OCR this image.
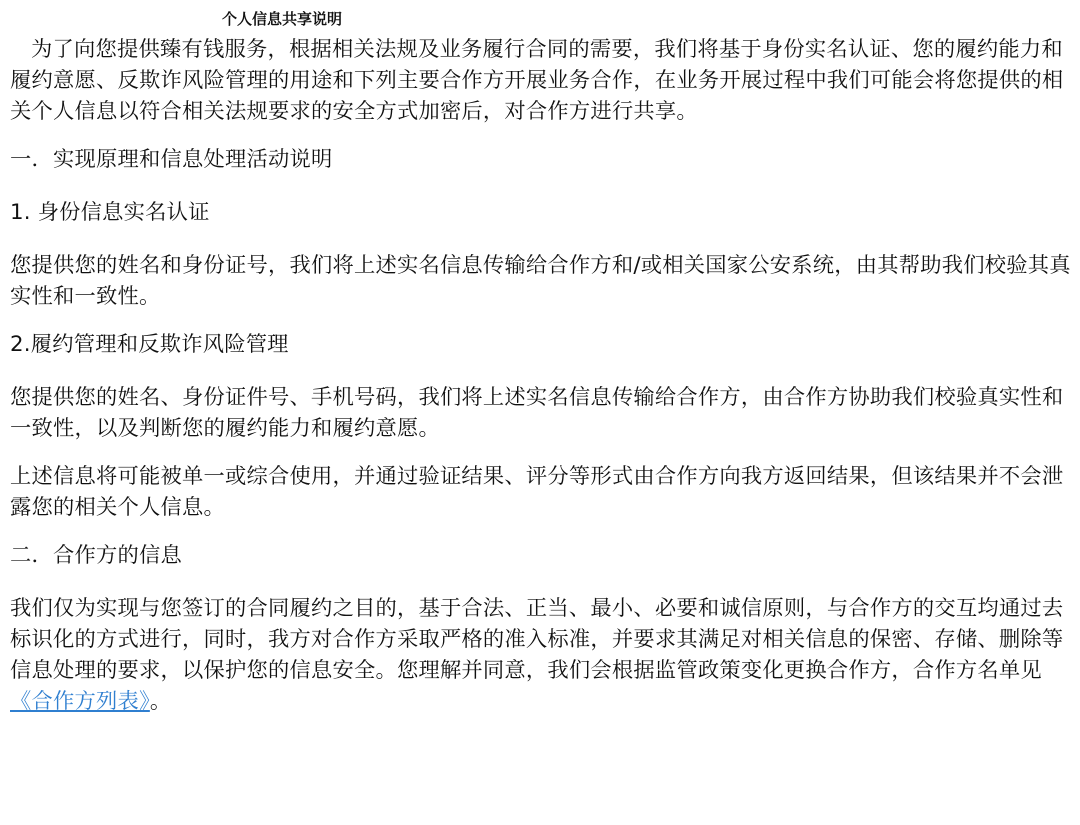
个人信息共享说明

为了向您提供臻有钱服务，根据相关法规及业务履行合同的需要，我们将基于身份实名认证、您的履约能力和履约意愿、反欺诈风险管理的用途和下列主要合作方开展业务合作，在业务开展过程中我们可能会将您提供的相关个人信息以符合相关法规要求的安全方式加密后，对合作方进行共享。

一．实现原理和信息处理活动说明

1. 身份信息实名认证

您提供您的姓名和身份证号，我们将上述实名信息传输给合作方和/或相关国家公安系统，由其帮助我们校验其真实性和一致性。

2.履约管理和反欺诈风险管理

您提供您的姓名、身份证件号、手机号码，我们将上述实名信息传输给合作方，由合作方协助我们校验真实性和一致性，以及判断您的履约能力和履约意愿。

上述信息将可能被单一或综合使用，并通过验证结果、评分等形式由合作方向我方返回结果，但该结果并不会泄露您的相关个人信息。

二．合作方的信息

我们仅为实现与您签订的合同履约之目的，基于合法、正当、最小、必要和诚信原则，与合作方的交互均通过去标识化的方式进行，同时，我方对合作方采取严格的准入标准，并要求其满足对相关信息的保密、存储、删除等信息处理的要求，以保护您的信息安全。您理解并同意，我们会根据监管政策变化更换合作方，合作方名单见《合作方列表》。
